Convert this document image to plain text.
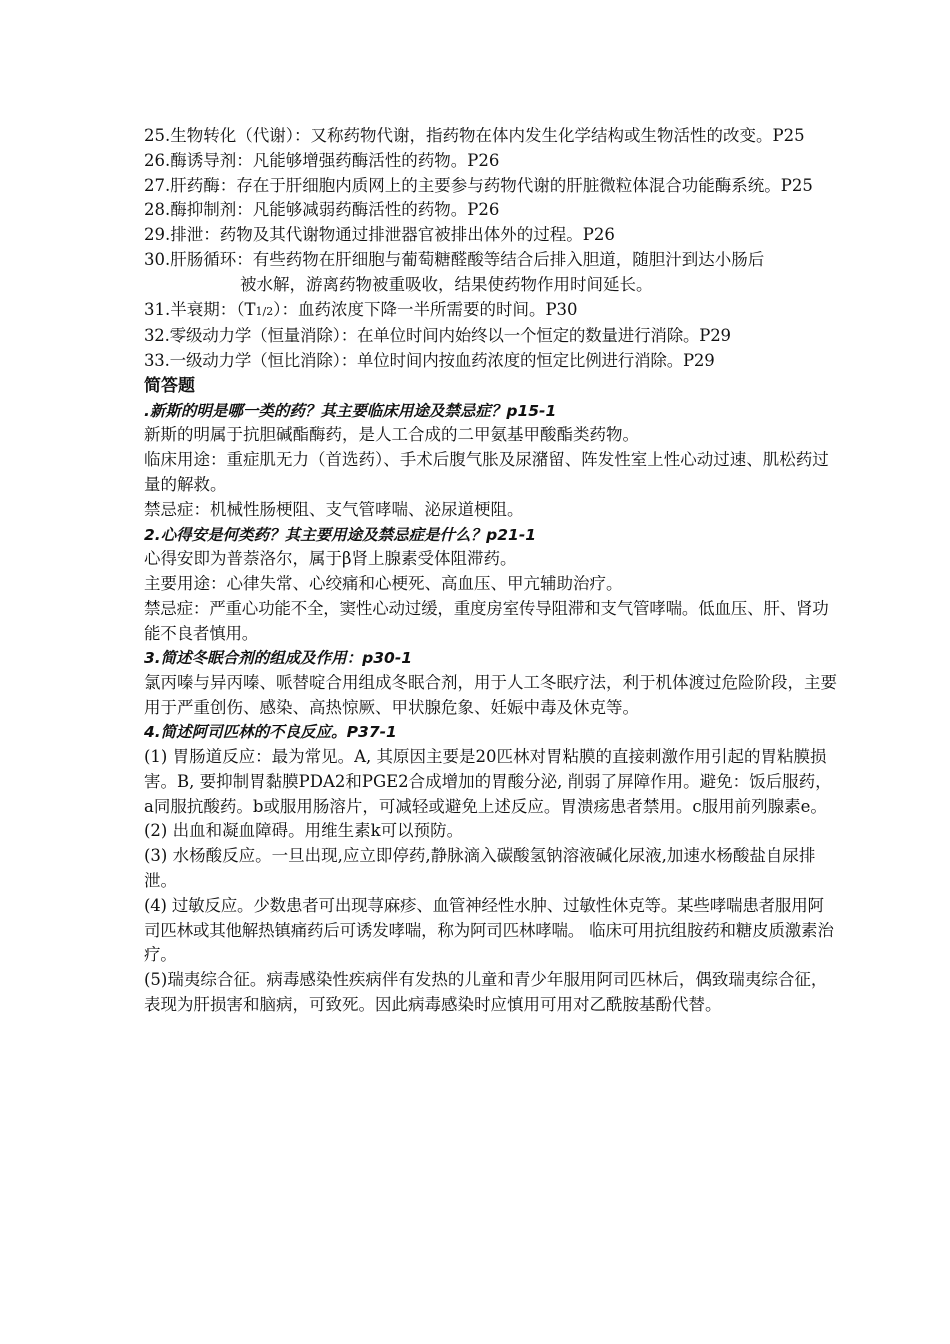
25.生物转化（代谢）：又称药物代谢，指药物在体内发生化学结构或生物活性的改变。P25

26.酶诱导剂：凡能够增强药酶活性的药物。P26

27.肝药酶：存在于肝细胞内质网上的主要参与药物代谢的肝脏微粒体混合功能酶系统。P25

28.酶抑制剂：凡能够减弱药酶活性的药物。P26

29.排泄：药物及其代谢物通过排泄器官被排出体外的过程。P26

30.肝肠循环：有些药物在肝细胞与葡萄糖醛酸等结合后排入胆道，随胆汁到达小肠后

被水解，游离药物被重吸收，结果使药物作用时间延长。

31.半衰期：（T1/2）：血药浓度下降一半所需要的时间。P30

32.零级动力学（恒量消除）：在单位时间内始终以一个恒定的数量进行消除。P29

33.一级动力学（恒比消除）：单位时间内按血药浓度的恒定比例进行消除。P29

简答题

.新斯的明是哪一类的药？其主要临床用途及禁忌症？p15-1

新斯的明属于抗胆碱酯酶药，是人工合成的二甲氨基甲酸酯类药物。

临床用途：重症肌无力（首选药）、手术后腹气胀及尿潴留、阵发性室上性心动过速、肌松药过量的解救。

禁忌症：机械性肠梗阻、支气管哮喘、泌尿道梗阻。

2.心得安是何类药？其主要用途及禁忌症是什么？p21-1

心得安即为普萘洛尔，属于β肾上腺素受体阻滞药。

主要用途：心律失常、心绞痛和心梗死、高血压、甲亢辅助治疗。

禁忌症：严重心功能不全，窦性心动过缓，重度房室传导阻滞和支气管哮喘。低血压、肝、肾功能不良者慎用。

3.简述冬眠合剂的组成及作用：p30-1

氯丙嗪与异丙嗪、哌替啶合用组成冬眠合剂，用于人工冬眠疗法，利于机体渡过危险阶段，主要用于严重创伤、感染、高热惊厥、甲状腺危象、妊娠中毒及休克等。

4.简述阿司匹林的不良反应。P37-1

(1) 胃肠道反应：最为常见。A, 其原因主要是20匹林对胃粘膜的直接刺激作用引起的胃粘膜损害。B, 要抑制胃黏膜PDA2和PGE2合成增加的胃酸分泌, 削弱了屏障作用。避免：饭后服药，a同服抗酸药。b或服用肠溶片，可减轻或避免上述反应。胃溃疡患者禁用。c服用前列腺素e。

(2) 出血和凝血障碍。用维生素k可以预防。

(3) 水杨酸反应。一旦出现,应立即停药,静脉滴入碳酸氢钠溶液碱化尿液,加速水杨酸盐自尿排泄。

(4) 过敏反应。少数患者可出现荨麻疹、血管神经性水肿、过敏性休克等。某些哮喘患者服用阿司匹林或其他解热镇痛药后可诱发哮喘，称为阿司匹林哮喘。 临床可用抗组胺药和糖皮质激素治疗。

(5)瑞夷综合征。病毒感染性疾病伴有发热的儿童和青少年服用阿司匹林后，偶致瑞夷综合征，表现为肝损害和脑病，可致死。因此病毒感染时应慎用可用对乙酰胺基酚代替。
